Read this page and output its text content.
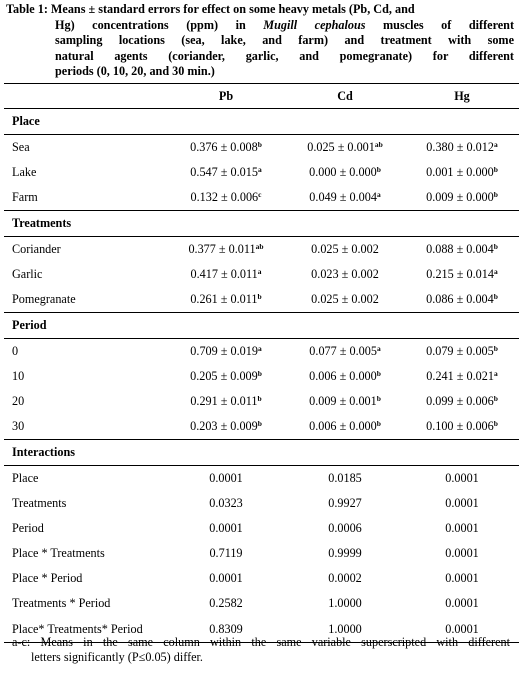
Table 1: Means ± standard errors for effect on some heavy metals (Pb, Cd, and
Hg) concentrations (ppm) in Mugill cephalous muscles of different
sampling locations (sea, lake, and farm) and treatment with some
natural agents (coriander, garlic, and pomegranate) for different
periods (0, 10, 20, and 30 min.)
	Pb	Cd	Hg
Place			
Sea	0.376 ± 0.008$^b$	0.025 ± 0.001$^{ab}$	0.380 ± 0.012$^a$
Lake	0.547 ± 0.015$^a$	0.000 ± 0.000$^b$	0.001 ± 0.000$^b$
Farm	0.132 ± 0.006$^c$	0.049 ± 0.004$^a$	0.009 ± 0.000$^b$
Treatments			
Coriander	0.377 ± 0.011$^{ab}$	0.025 ± 0.002	0.088 ± 0.004$^b$
Garlic	0.417 ± 0.011$^a$	0.023 ± 0.002	0.215 ± 0.014$^a$
Pomegranate	0.261 ± 0.011$^b$	0.025 ± 0.002	0.086 ± 0.004$^b$
Period			
0	0.709 ± 0.019$^a$	0.077 ± 0.005$^a$	0.079 ± 0.005$^b$
10	0.205 ± 0.009$^b$	0.006 ± 0.000$^b$	0.241 ± 0.021$^a$
20	0.291 ± 0.011$^b$	0.009 ± 0.001$^b$	0.099 ± 0.006$^b$
30	0.203 ± 0.009$^b$	0.006 ± 0.000$^b$	0.100 ± 0.006$^b$
Interactions			
Place	0.0001	0.0185	0.0001
Treatments	0.0323	0.9927	0.0001
Period	0.0001	0.0006	0.0001
Place * Treatments	0.7119	0.9999	0.0001
Place * Period	0.0001	0.0002	0.0001
Treatments * Period	0.2582	1.0000	0.0001
Place* Treatments* Period	0.8309	1.0000	0.0001
a-c: Means in the same column within the same variable superscripted with different
letters significantly (P≤0.05) differ.
